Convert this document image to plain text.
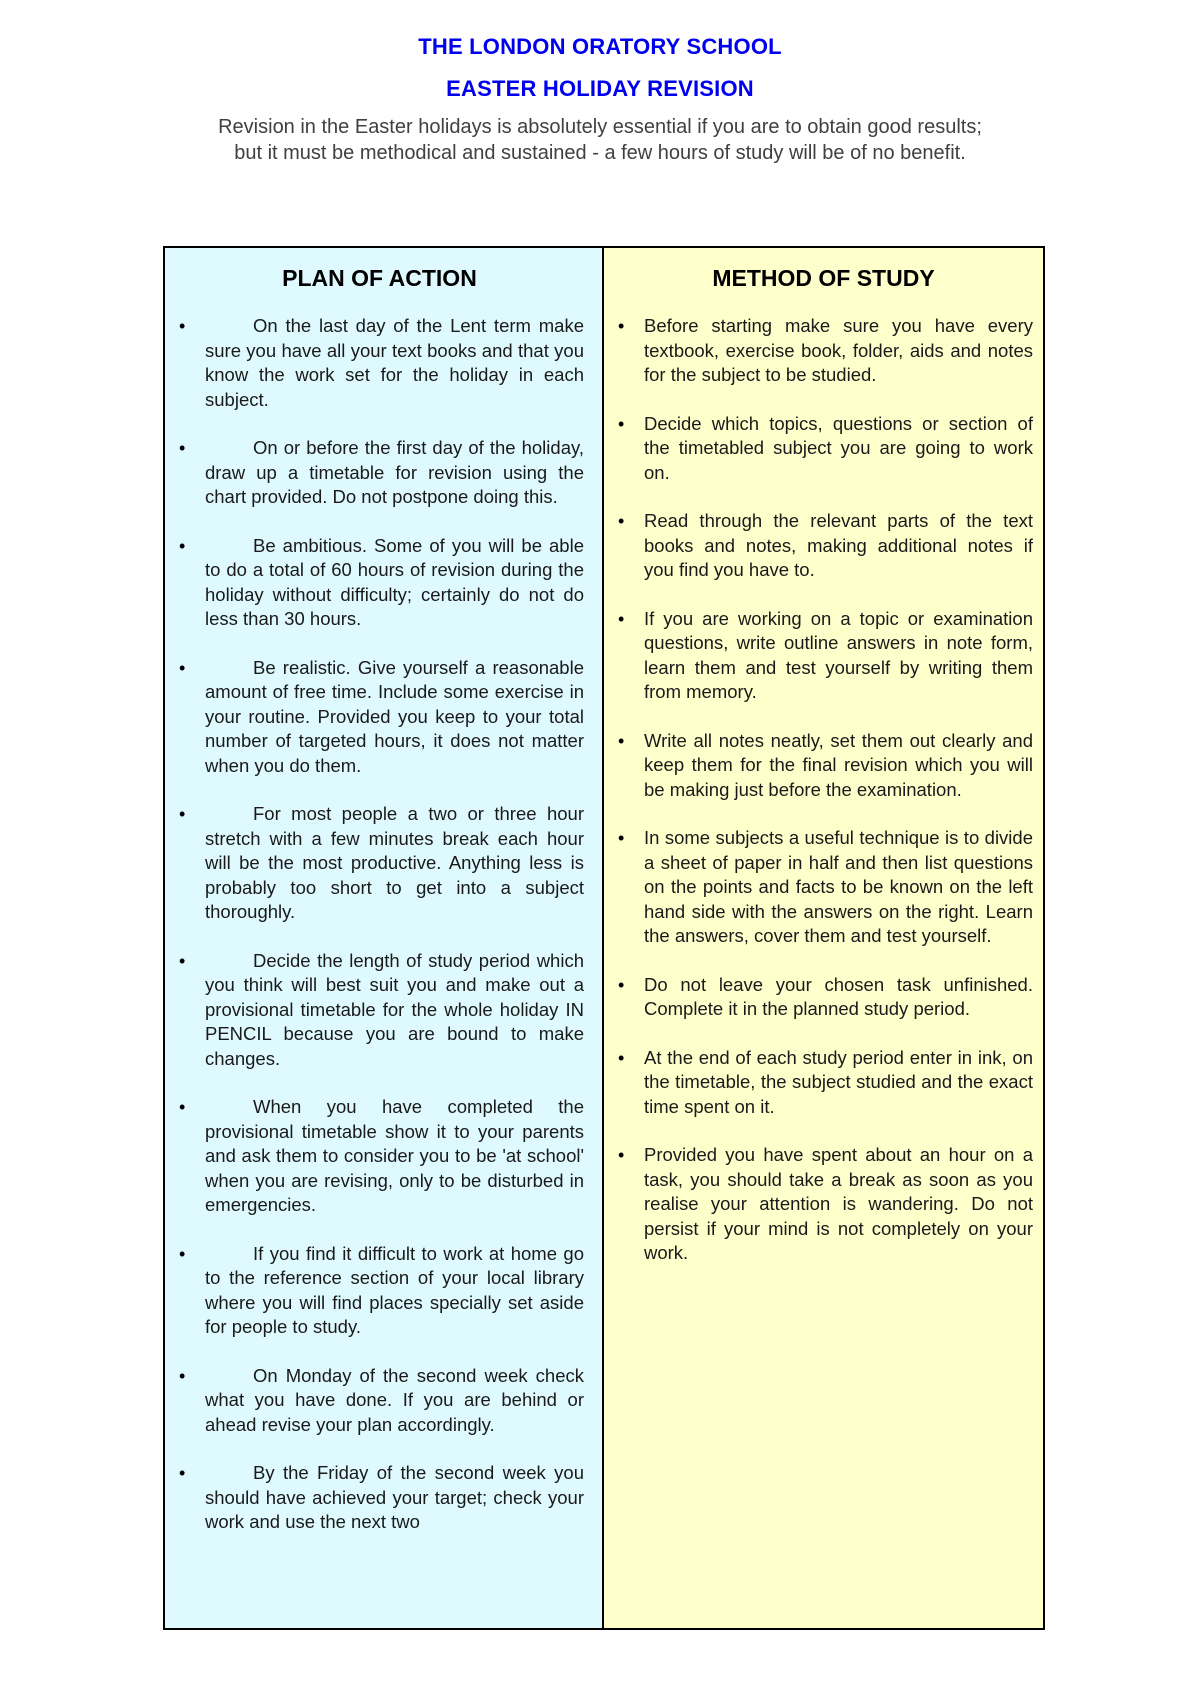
THE LONDON ORATORY SCHOOL
EASTER HOLIDAY REVISION

Revision in the Easter holidays is absolutely essential if you are to obtain good results;

but it must be methodical and sustained - a few hours of study will be of no benefit.

PLAN OF ACTION
•	On the last day of the Lent term make sure you have all your text books and that you know the work set for the holiday in each subject.
•	On or before the first day of the holiday, draw up a timetable for revision using the chart provided. Do not postpone doing this.
•	Be ambitious. Some of you will be able to do a total of 60 hours of revision during the holiday without difficulty; certainly do not do less than 30 hours.
•	Be realistic. Give yourself a reasonable amount of free time. Include some exercise in your routine. Provided you keep to your total number of targeted hours, it does not matter when you do them.
•	For most people a two or three hour stretch with a few minutes break each hour will be the most productive. Anything less is probably too short to get into a subject thoroughly.
•	Decide the length of study period which you think will best suit you and make out a provisional timetable for the whole holiday IN PENCIL because you are bound to make changes.
•	When you have completed the provisional timetable show it to your parents and ask them to consider you to be 'at school' when you are revising, only to be disturbed in emergencies.
•	If you find it difficult to work at home go to the reference section of your local library where you will find places specially set aside for people to study.
•	On Monday of the second week check what you have done. If you are behind or ahead revise your plan accordingly.
•	By the Friday of the second week you should have achieved your target; check your work and use the next two
METHOD OF STUDY
• Before starting make sure you have every textbook, exercise book, folder, aids and notes for the subject to be studied.
• Decide which topics, questions or section of the timetabled subject you are going to work on.
• Read through the relevant parts of the text books and notes, making additional notes if you find you have to.
• If you are working on a topic or examination questions, write outline answers in note form, learn them and test yourself by writing them from memory.
• Write all notes neatly, set them out clearly and keep them for the final revision which you will be making just before the examination.
• In some subjects a useful technique is to divide a sheet of paper in half and then list questions on the points and facts to be known on the left hand side with the answers on the right. Learn the answers, cover them and test yourself.
• Do not leave your chosen task unfinished. Complete it in the planned study period.
• At the end of each study period enter in ink, on the timetable, the subject studied and the exact time spent on it.
• Provided you have spent about an hour on a task, you should take a break as soon as you realise your attention is wandering. Do not persist if your mind is not completely on your work.
